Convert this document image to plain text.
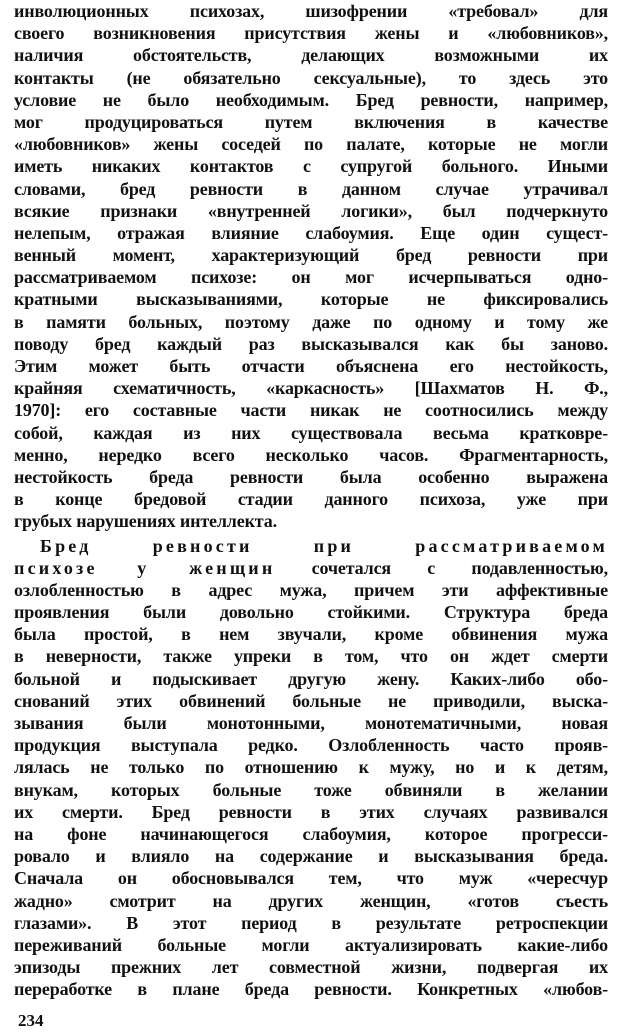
инволюционных психозах, шизофрении «требовал» для
своего возникновения присутствия жены и «любовников»,
наличия обстоятельств, делающих возможными их
контакты (не обязательно сексуальные), то здесь это
условие не было необходимым. Бред ревности, например,
мог продуцироваться путем включения в качестве
«любовников» жены соседей по палате, которые не могли
иметь никаких контактов с супругой больного. Иными
словами, бред ревности в данном случае утрачивал
всякие признаки «внутренней логики», был подчеркнуто
нелепым, отражая влияние слабоумия. Еще один сущест-
венный момент, характеризующий бред ревности при
рассматриваемом психозе: он мог исчерпываться одно-
кратными высказываниями, которые не фиксировались
в памяти больных, поэтому даже по одному и тому же
поводу бред каждый раз высказывался как бы заново.
Этим может быть отчасти объяснена его нестойкость,
крайняя схематичность, «каркасность» [Шахматов Н. Ф.,
1970]: его составные части никак не соотносились между
собой, каждая из них существовала весьма кратковре-
менно, нередко всего несколько часов. Фрагментарность,
нестойкость бреда ревности была особенно выражена
в конце бредовой стадии данного психоза, уже при
грубых нарушениях интеллекта.
Бред ревности при рассматриваемом
психозе у женщин сочетался с подавленностью,
озлобленностью в адрес мужа, причем эти аффективные
проявления были довольно стойкими. Структура бреда
была простой, в нем звучали, кроме обвинения мужа
в неверности, также упреки в том, что он ждет смерти
больной и подыскивает другую жену. Каких-либо обо-
снований этих обвинений больные не приводили, выска-
зывания были монотонными, монотематичными, новая
продукция выступала редко. Озлобленность часто прояв-
лялась не только по отношению к мужу, но и к детям,
внукам, которых больные тоже обвиняли в желании
их смерти. Бред ревности в этих случаях развивался
на фоне начинающегося слабоумия, которое прогресси-
ровало и влияло на содержание и высказывания бреда.
Сначала он обосновывался тем, что муж «чересчур
жадно» смотрит на других женщин, «готов съесть
глазами». В этот период в результате ретроспекции
переживаний больные могли актуализировать какие-либо
эпизоды прежних лет совместной жизни, подвергая их
переработке в плане бреда ревности. Конкретных «любов-
234
